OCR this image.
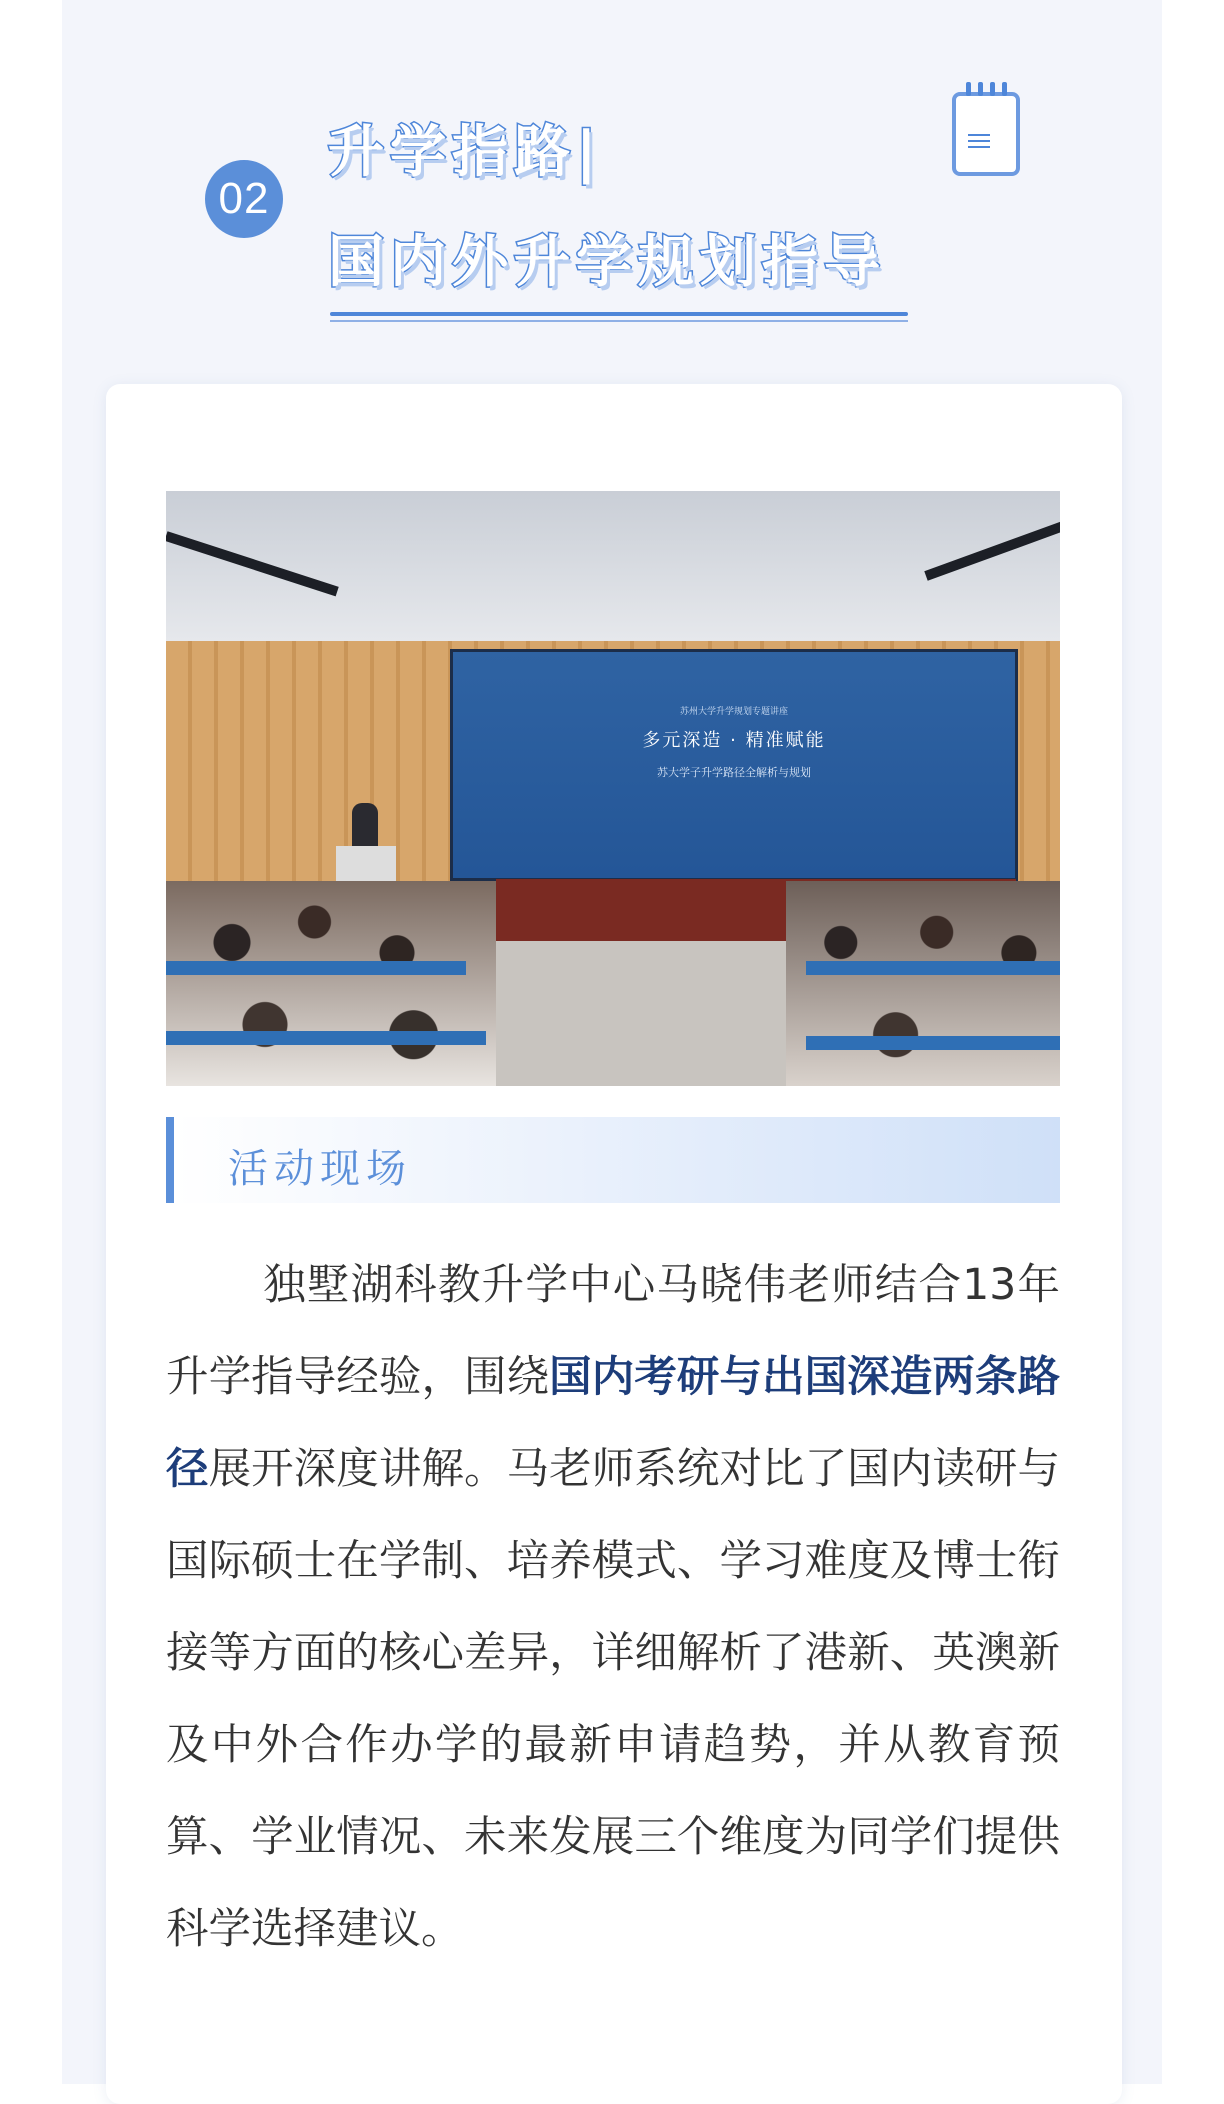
02
升学指路|
国内外升学规划指导
苏州大学升学规划专题讲座
多元深造 · 精准赋能
苏大学子升学路径全解析与规划
活动现场
独墅湖科教升学中心马晓伟老师结合13年升学指导经验，围绕国内考研与出国深造两条路径展开深度讲解。马老师系统对比了国内读研与国际硕士在学制、培养模式、学习难度及博士衔接等方面的核心差异，详细解析了港新、英澳新及中外合作办学的最新申请趋势，并从教育预算、学业情况、未来发展三个维度为同学们提供科学选择建议。
